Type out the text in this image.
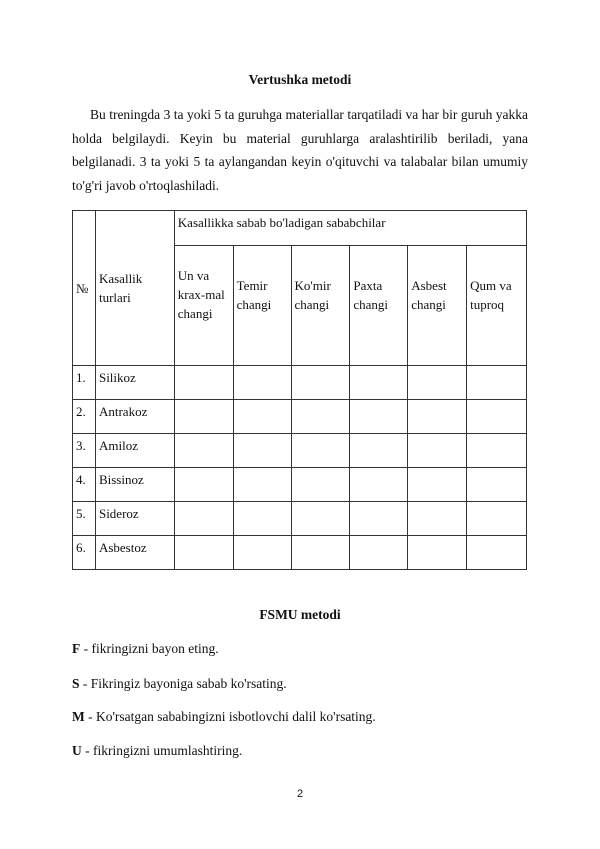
Vertushka metodi

Bu treningda 3 ta yoki 5 ta guruhga materiallar tarqatiladi va har bir guruh yakka holda belgilaydi. Keyin bu material guruhlarga aralashtirilib beriladi, yana belgilanadi. 3 ta yoki 5 ta aylangandan keyin o'qituvchi va talabalar bilan umumiy to'g'ri javob o'rtoqlashiladi.

№	Kasallik turlari	Kasallikka sabab bo'ladigan sababchilar					
		Un va krax-mal changi	Temir changi	Ko'mir changi	Paxta changi	Asbest changi	Qum va tuproq
1.	Silikoz						
2.	Antrakoz						
3.	Amiloz						
4.	Bissinoz						
5.	Sideroz						
6.	Asbestoz						
FSMU metodi

F - fikringizni bayon eting.

S - Fikringiz bayoniga sabab ko'rsating.

M - Ko'rsatgan sababingizni isbotlovchi dalil ko'rsating.

U - fikringizni umumlashtiring.

2
